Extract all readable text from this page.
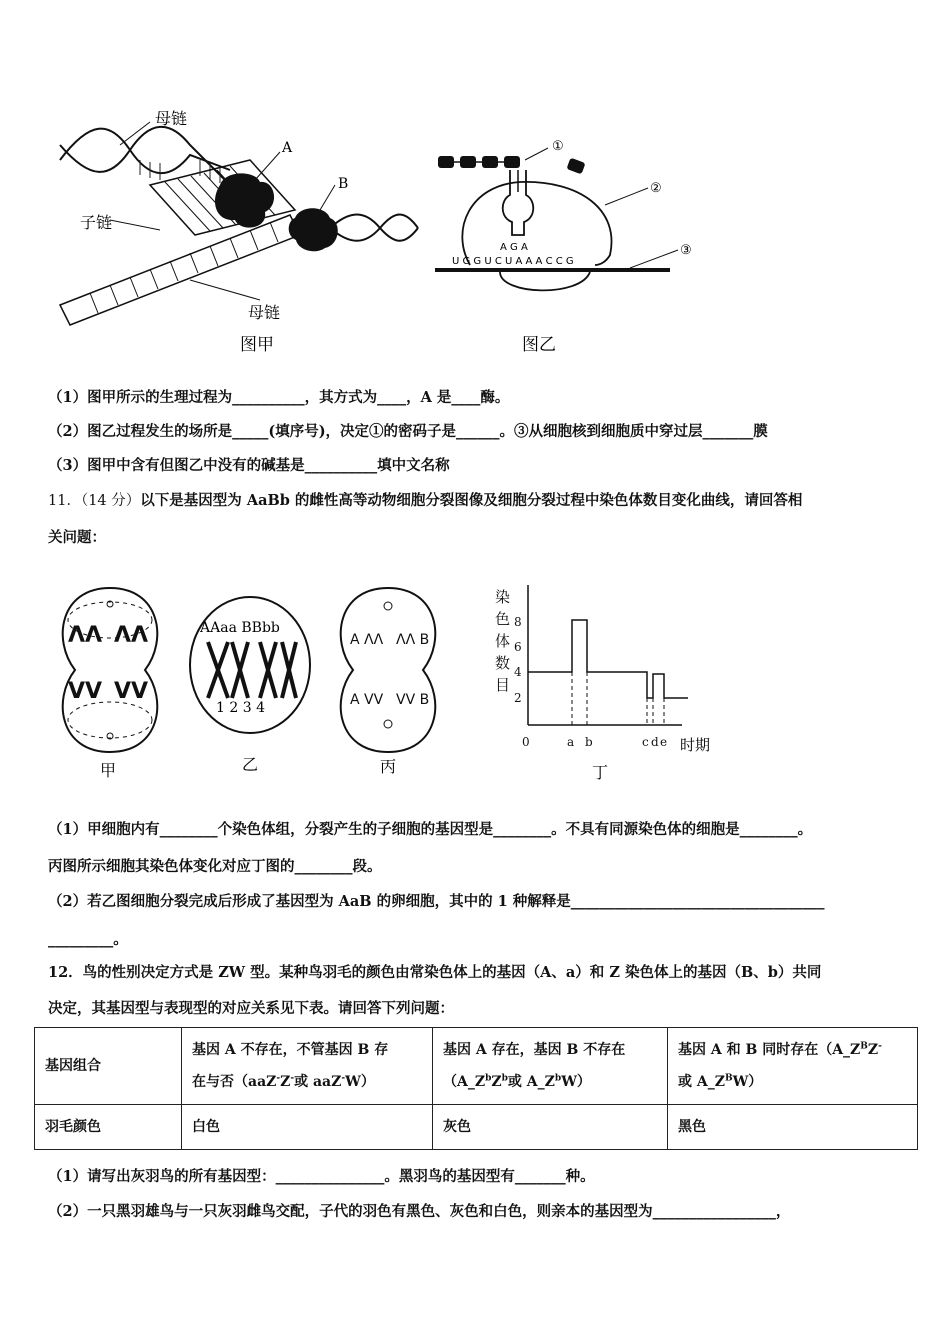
母链
A
B
子链
母链
图甲
A G A
U G G U C U A A A C C G
①
②
③
图乙
（1）图甲所示的生理过程为__________，其方式为____，A 是____酶。
（2）图乙过程发生的场所是_____(填序号)，决定①的密码子是______。③从细胞核到细胞质中穿过层_______膜
（3）图甲中含有但图乙中没有的碱基是__________填中文名称
11．（14 分）以下是基因型为 AaBb 的雌性高等动物细胞分裂图像及细胞分裂过程中染色体数目变化曲线，请回答相
关问题：
ΛΛ ΛΛ
VV VV
甲
AAaa BBbb
1 2 3 4
乙
A ΛΛ ΛΛ B
A VV VV B
丙
染
色
体
数
目
8
6
4
2
0	a b	c d e 时期
丁
（1）甲细胞内有________个染色体组，分裂产生的子细胞的基因型是________。不具有同源染色体的细胞是________。
丙图所示细胞其染色体变化对应丁图的________段。
（2）若乙图细胞分裂完成后形成了基因型为 AaB 的卵细胞，其中的 1 种解释是___________________________________
_________。
12．鸟的性别决定方式是 ZW 型。某种鸟羽毛的颜色由常染色体上的基因（A、a）和 Z 染色体上的基因（B、b）共同
决定，其基因型与表现型的对应关系见下表。请回答下列问题：
基因组合	基因 A 不存在，不管基因 B 存
在与否（aaZ-Z-或 aaZ-W）	基因 A 存在，基因 B 不存在
（$A\_Z^bZ^b$或 $A\_Z^bW$）	基因 A 和 B 同时存在（$A\_Z^BZ^-$
或 $A\_Z^BW$）
羽毛颜色	白色	灰色	黑色
（1）请写出灰羽鸟的所有基因型：_______________。黑羽鸟的基因型有_______种。
（2）一只黑羽雄鸟与一只灰羽雌鸟交配，子代的羽色有黑色、灰色和白色，则亲本的基因型为_________________，
